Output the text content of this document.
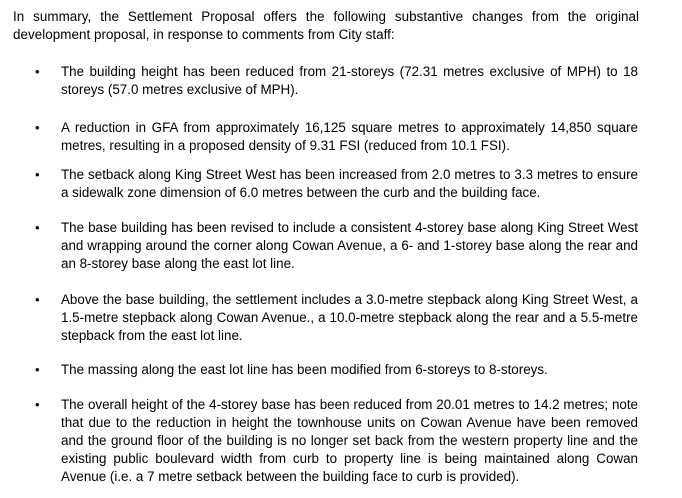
In summary, the Settlement Proposal offers the following substantive changes from the original development proposal, in response to comments from City staff:

•	The building height has been reduced from 21-storeys (72.31 metres exclusive of MPH) to 18 storeys (57.0 metres exclusive of MPH).

•	A reduction in GFA from approximately 16,125 square metres to approximately 14,850 square metres, resulting in a proposed density of 9.31 FSI (reduced from 10.1 FSI).

•	The setback along King Street West has been increased from 2.0 metres to 3.3 metres to ensure a sidewalk zone dimension of 6.0 metres between the curb and the building face.

•	The base building has been revised to include a consistent 4-storey base along King Street West and wrapping around the corner along Cowan Avenue, a 6- and 1-storey base along the rear and an 8-storey base along the east lot line.

•	Above the base building, the settlement includes a 3.0-metre stepback along King Street West, a 1.5-metre stepback along Cowan Avenue., a 10.0-metre stepback along the rear and a 5.5-metre stepback from the east lot line.

•	The massing along the east lot line has been modified from 6-storeys to 8-storeys.

•	The overall height of the 4-storey base has been reduced from 20.01 metres to 14.2 metres; note that due to the reduction in height the townhouse units on Cowan Avenue have been removed and the ground floor of the building is no longer set back from the western property line and the existing public boulevard width from curb to property line is being maintained along Cowan Avenue (i.e. a 7 metre setback between the building face to curb is provided).
